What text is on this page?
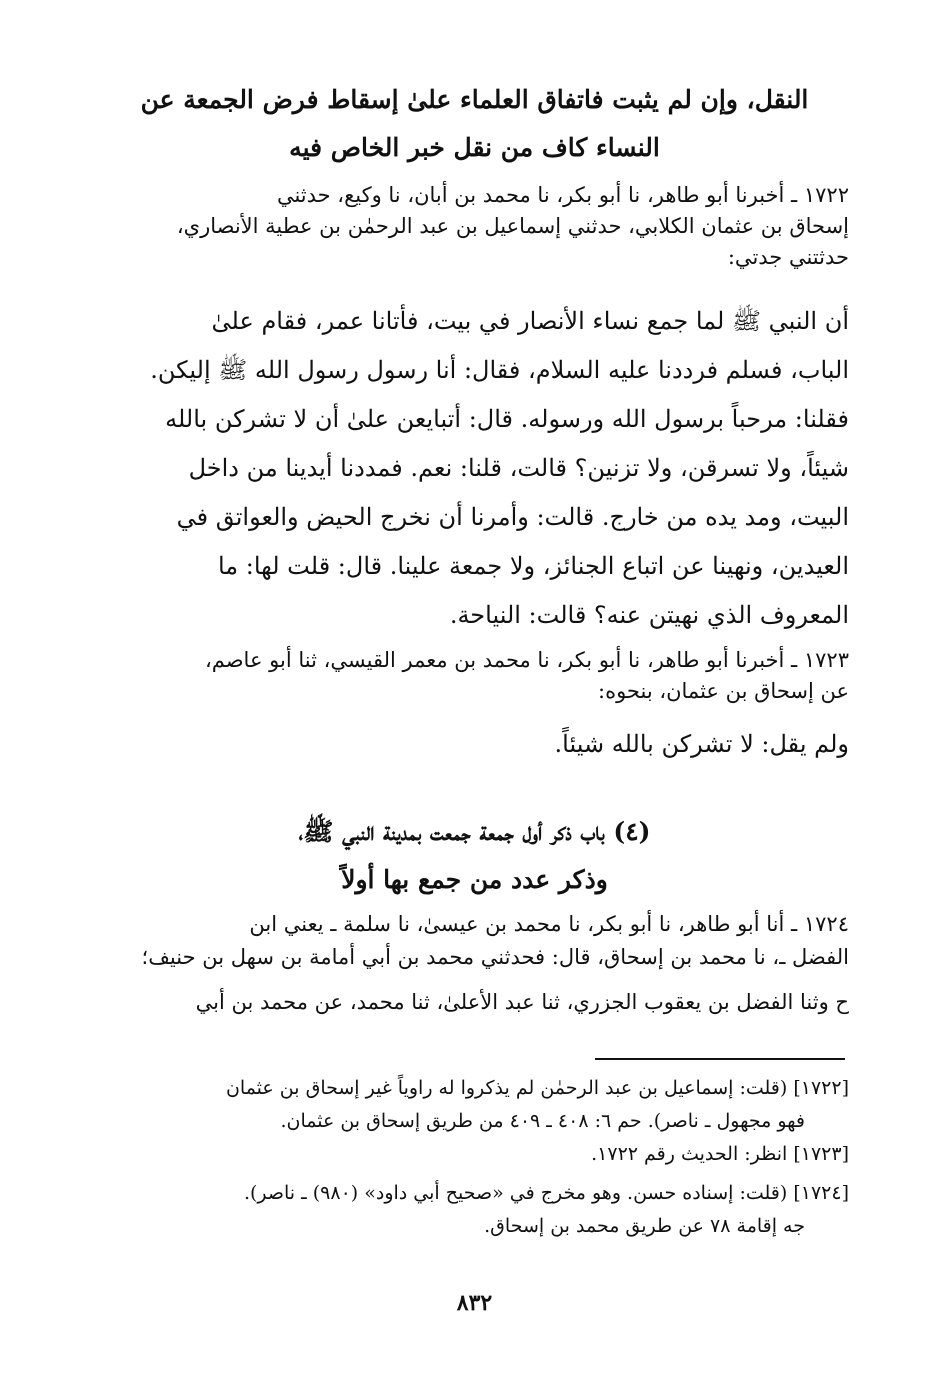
النقل، وإن لم يثبت فاتفاق العلماء علىٰ إسقاط فرض الجمعة عن
النساء كاف من نقل خبر الخاص فيه
١٧٢٢ ـ أخبرنا أبو طاهر، نا أبو بكر، نا محمد بن أبان، نا وكيع، حدثني
إسحاق بن عثمان الكلابي، حدثني إسماعيل بن عبد الرحمٰن بن عطية الأنصاري،
حدثتني جدتي:
أن النبي ﷺ لما جمع نساء الأنصار في بيت، فأتانا عمر، فقام علىٰ
الباب، فسلم فرددنا عليه السلام، فقال: أنا رسول رسول الله ﷺ إليكن.
فقلنا: مرحباً برسول الله ورسوله. قال: أتبايعن علىٰ أن لا تشركن بالله
شيئاً، ولا تسرقن، ولا تزنين؟ قالت، قلنا: نعم. فمددنا أيدينا من داخل
البيت، ومد يده من خارج. قالت: وأمرنا أن نخرج الحيض والعواتق في
العيدين، ونهينا عن اتباع الجنائز، ولا جمعة علينا. قال: قلت لها: ما
المعروف الذي نهيتن عنه؟ قالت: النياحة.
١٧٢٣ ـ أخبرنا أبو طاهر، نا أبو بكر، نا محمد بن معمر القيسي، ثنا أبو عاصم،
عن إسحاق بن عثمان، بنحوه:
ولم يقل: لا تشركن بالله شيئاً.
(٤) باب ذكر أول جمعة جمعت بمدينة النبي ﷺ،
وذكر عدد من جمع بها أولاً
١٧٢٤ ـ أنا أبو طاهر، نا أبو بكر، نا محمد بن عيسىٰ، نا سلمة ـ يعني ابن
الفضل ـ، نا محمد بن إسحاق، قال: فحدثني محمد بن أبي أمامة بن سهل بن حنيف؛
ح وثنا الفضل بن يعقوب الجزري، ثنا عبد الأعلىٰ، ثنا محمد، عن محمد بن أبي
[١٧٢٢] (قلت: إسماعيل بن عبد الرحمٰن لم يذكروا له راوياً غير إسحاق بن عثمان
فهو مجهول ـ ناصر). حم ٦: ٤٠٨ ـ ٤٠٩ من طريق إسحاق بن عثمان.
[١٧٢٣] انظر: الحديث رقم ١٧٢٢.
[١٧٢٤] (قلت: إسناده حسن. وهو مخرج في «صحيح أبي داود» (٩٨٠) ـ ناصر).
جه إقامة ٧٨ عن طريق محمد بن إسحاق.
٨٣٢
